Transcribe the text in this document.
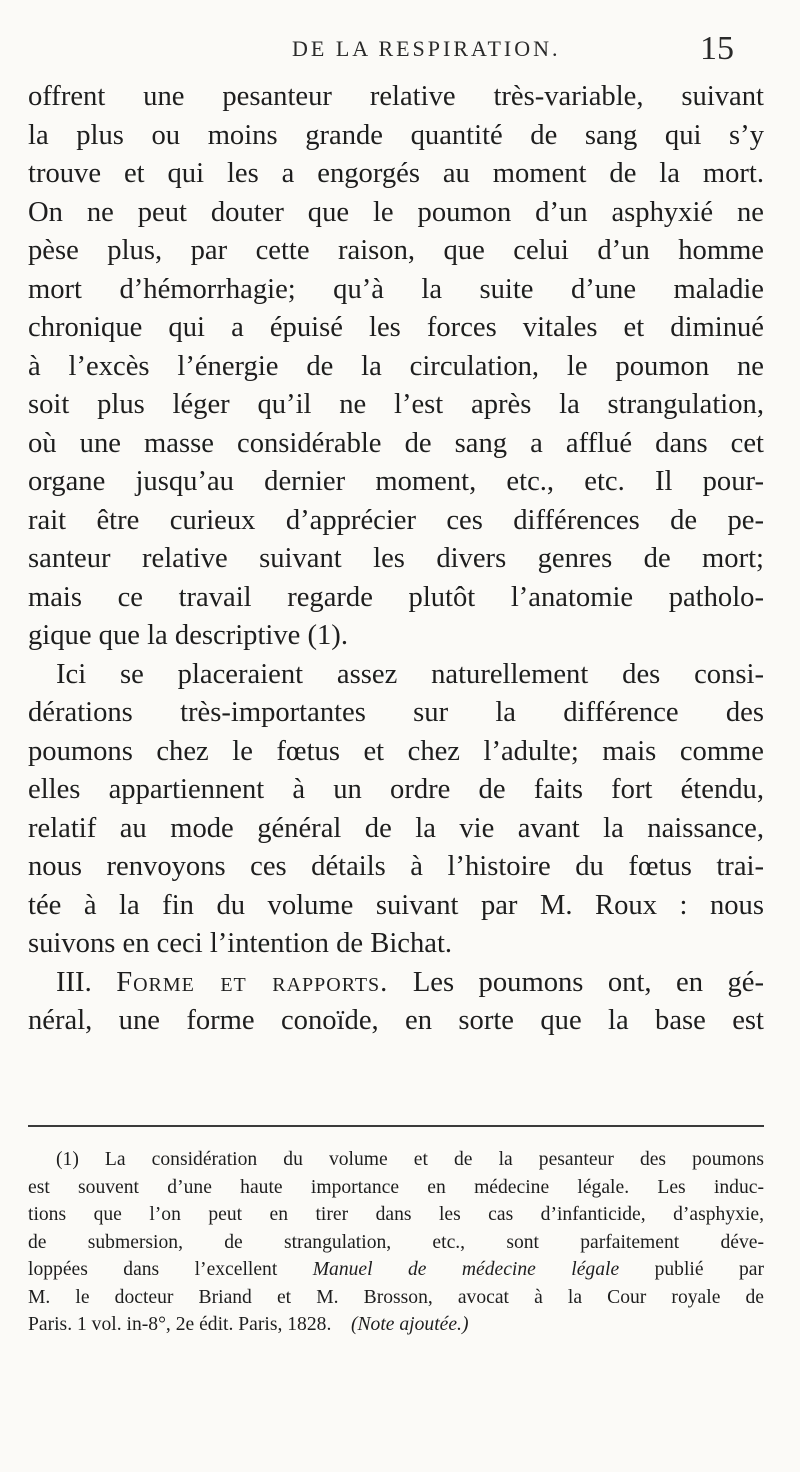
DE LA RESPIRATION.	15
offrent une pesanteur relative très-variable, suivant
la plus ou moins grande quantité de sang qui s’y
trouve et qui les a engorgés au moment de la mort.
On ne peut douter que le poumon d’un asphyxié ne
pèse plus, par cette raison, que celui d’un homme
mort d’hémorrhagie; qu’à la suite d’une maladie
chronique qui a épuisé les forces vitales et diminué
à l’excès l’énergie de la circulation, le poumon ne
soit plus léger qu’il ne l’est après la strangulation,
où une masse considérable de sang a afflué dans cet
organe jusqu’au dernier moment, etc., etc. Il pour-
rait être curieux d’apprécier ces différences de pe-
santeur relative suivant les divers genres de mort;
mais ce travail regarde plutôt l’anatomie patholo-
gique que la descriptive (1).
Ici se placeraient assez naturellement des consi-
dérations très-importantes sur la différence des
poumons chez le fœtus et chez l’adulte; mais comme
elles appartiennent à un ordre de faits fort étendu,
relatif au mode général de la vie avant la naissance,
nous renvoyons ces détails à l’histoire du fœtus trai-
tée à la fin du volume suivant par M. Roux : nous
suivons en ceci l’intention de Bichat.
III. Forme et rapports. Les poumons ont, en gé-
néral, une forme conoïde, en sorte que la base est
(1) La considération du volume et de la pesanteur des poumons
est souvent d’une haute importance en médecine légale. Les induc-
tions que l’on peut en tirer dans les cas d’infanticide, d’asphyxie,
de submersion, de strangulation, etc., sont parfaitement déve-
loppées dans l’excellent Manuel de médecine légale publié par
M. le docteur Briand et M. Brosson, avocat à la Cour royale de
Paris. 1 vol. in-8°, 2e édit. Paris, 1828. (Note ajoutée.)
